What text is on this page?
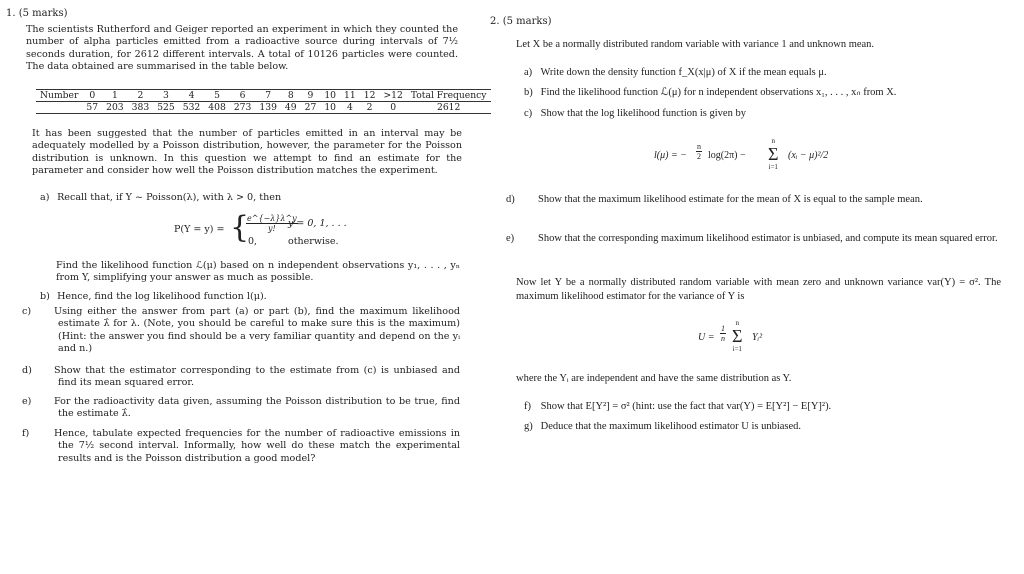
1. (5 marks)
The scientists Rutherford and Geiger reported an experiment in which they counted the number of alpha particles emitted from a radioactive source during intervals of 7½ seconds duration, for 2612 different intervals. A total of 10126 particles were counted. The data obtained are summarised in the table below.
Number	0	1	2	3	4	5	6	7	8	9	10	11	12	>12	Total Frequency
	57	203	383	525	532	408	273	139	49	27	10	4	2	0	2612
It has been suggested that the number of particles emitted in an interval may be adequately modelled by a Poisson distribution, however, the parameter for the Poisson distribution is unknown. In this question we attempt to find an estimate for the parameter and consider how well the Poisson distribution matches the experiment.
a) Recall that, if Y ~ Poisson(λ), with λ > 0, then
P(Y = y) = {
$\frac{e\^{}\{-\lambda\}\lambda\^{}y}{y!}$
y = 0, 1, . . .
0,	otherwise.
Find the likelihood function ℒ(μ) based on n independent observations y₁, . . . , yₙ from Y, simplifying your answer as much as possible.
b) Hence, find the log likelihood function l(μ).
c) Using either the answer from part (a) or part (b), find the maximum likelihood estimate λ̂ for λ. (Note, you should be careful to make sure this is the maximum) (Hint: the answer you find should be a very familiar quantity and depend on the yᵢ and n.)
d) Show that the estimator corresponding to the estimate from (c) is unbiased and find its mean squared error.
e) For the radioactivity data given, assuming the Poisson distribution to be true, find the estimate λ̂.
f)	Hence, tabulate expected frequencies for the number of radioactive emissions in the 7½ second interval. Informally, how well do these match the experimental results and is the Poisson distribution a good model?
2. (5 marks)
Let X be a normally distributed random variable with variance 1 and unknown mean.
a) Write down the density function f_X(x|μ) of X if the mean equals μ.
b) Find the likelihood function ℒ(μ) for n independent observations x₁, . . . , xₙ from X.
c) Show that the log likelihood function is given by
l(μ) = − $\frac{n}{2} \log(2\pi)$ −
n
Σ
i=1
(xᵢ − μ)²/2
d) Show that the maximum likelihood estimate for the mean of X is equal to the sample mean.
e) Show that the corresponding maximum likelihood estimator is unbiased, and compute its mean squared error.
Now let Y be a normally distributed random variable with mean zero and unknown variance var(Y) = σ². The maximum likelihood estimator for the variance of Y is
$U = \frac{1}{n}$
n
Σ
i=1
Yᵢ²
where the Yᵢ are independent and have the same distribution as Y.
f) Show that E[Y²] = σ² (hint: use the fact that var(Y) = E[Y²] − E[Y]²).
g) Deduce that the maximum likelihood estimator U is unbiased.
